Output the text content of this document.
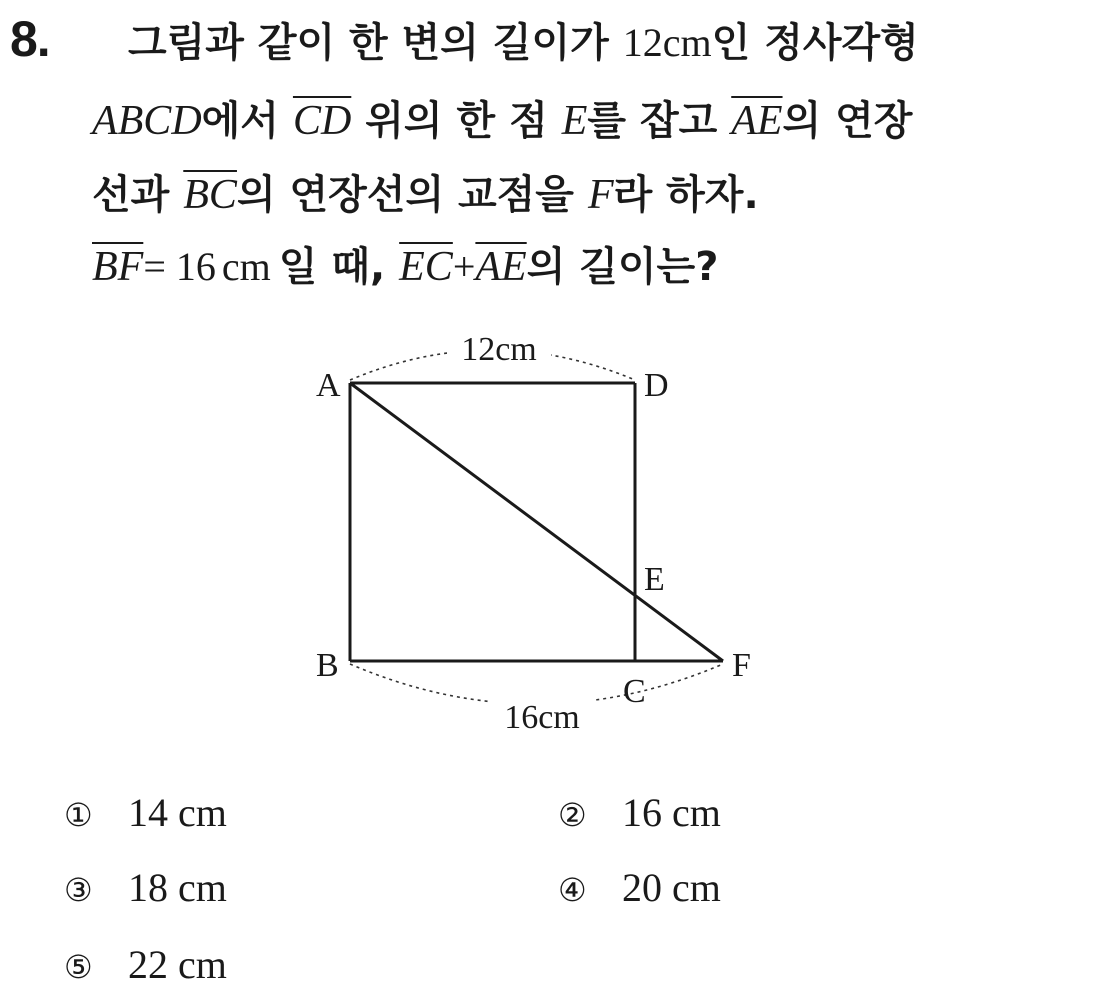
8. 그림과 같이 한 변의 길이가 12cm인 정사각형
ABCD에서 $\overline{CD}$ 위의 한 점 E를 잡고 $\overline{AE}$의 연장
선과 $\overline{BC}$의 연장선의 교점을 F라 하자.
$\overline{BF}= 16$ cm 일 때, $\overline{EC}+\overline{AE}$의 길이는?
A	D
B
C
E
F
12cm
16cm
① 14 cm	② 16 cm
③ 18 cm	④ 20 cm
⑤ 22 cm
